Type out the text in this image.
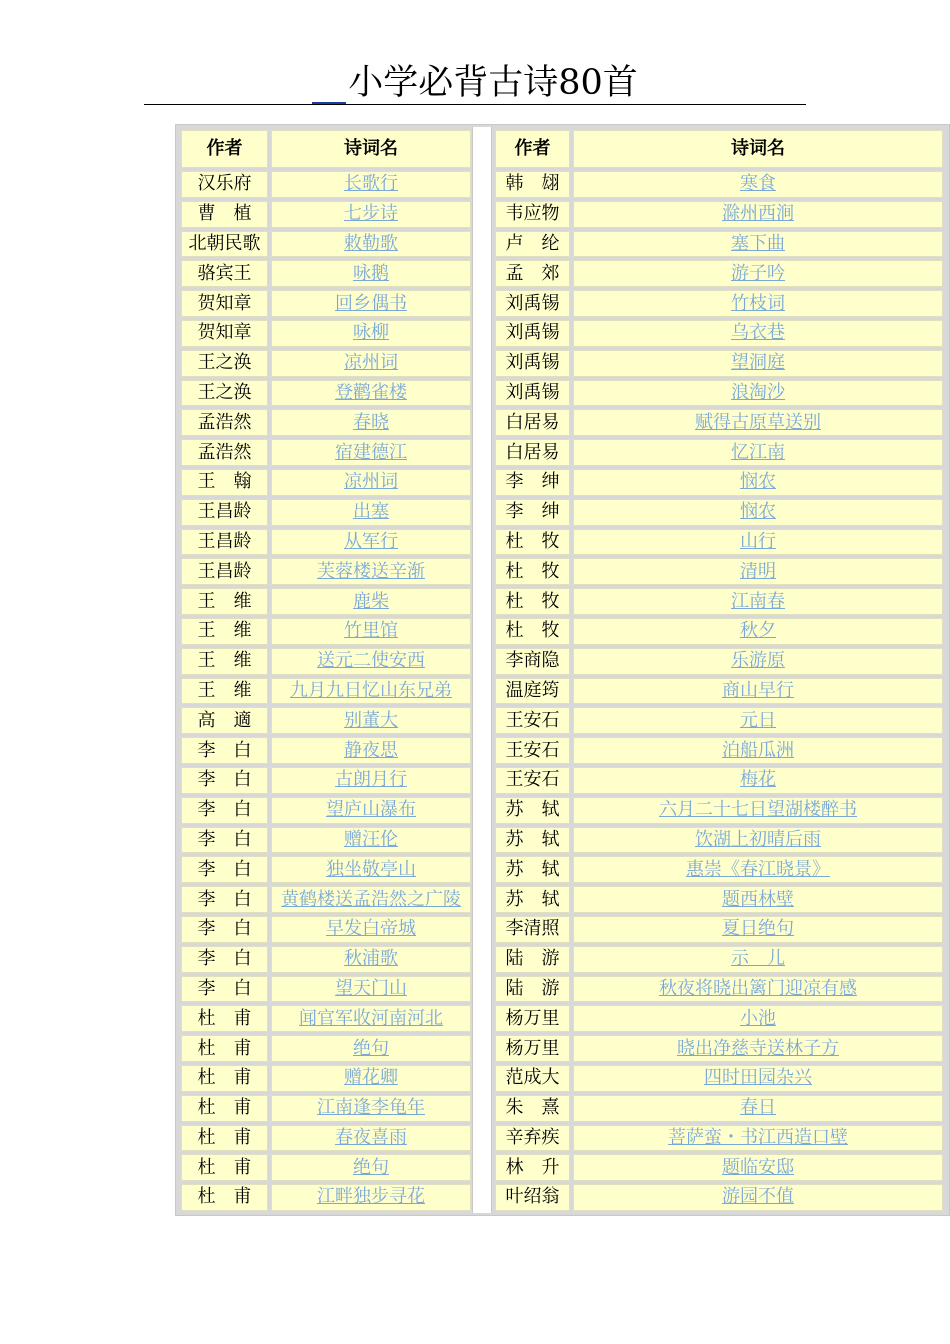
小学必背古诗80首
作者	诗词名
汉乐府	长歌行
曹　植	七步诗
北朝民歌	敕勒歌
骆宾王	咏鹅
贺知章	回乡偶书
贺知章	咏柳
王之涣	凉州词
王之涣	登鹳雀楼
孟浩然	春晓
孟浩然	宿建德江
王　翰	凉州词
王昌龄	出塞
王昌龄	从军行
王昌龄	芙蓉楼送辛渐
王　维	鹿柴
王　维	竹里馆
王　维	送元二使安西
王　维	九月九日忆山东兄弟
高　適	别董大
李　白	静夜思
李　白	古朗月行
李　白	望庐山瀑布
李　白	赠汪伦
李　白	独坐敬亭山
李　白	黄鹤楼送孟浩然之广陵
李　白	早发白帝城
李　白	秋浦歌
李　白	望天门山
杜　甫	闻官军收河南河北
杜　甫	绝句
杜　甫	赠花卿
杜　甫	江南逢李龟年
杜　甫	春夜喜雨
杜　甫	绝句
杜　甫	江畔独步寻花
作者	诗词名
韩　翃	寒食
韦应物	滁州西涧
卢　纶	塞下曲
孟　郊	游子吟
刘禹锡	竹枝词
刘禹锡	乌衣巷
刘禹锡	望洞庭
刘禹锡	浪淘沙
白居易	赋得古原草送别
白居易	忆江南
李　绅	悯农
李　绅	悯农
杜　牧	山行
杜　牧	清明
杜　牧	江南春
杜　牧	秋夕
李商隐	乐游原
温庭筠	商山早行
王安石	元日
王安石	泊船瓜洲
王安石	梅花
苏　轼	六月二十七日望湖楼醉书
苏　轼	饮湖上初晴后雨
苏　轼	惠崇《春江晓景》
苏　轼	题西林壁
李清照	夏日绝句
陆　游	示　儿
陆　游	秋夜将晓出篱门迎凉有感
杨万里	小池
杨万里	晓出净慈寺送林子方
范成大	四时田园杂兴
朱　熹	春日
辛弃疾	菩萨蛮・书江西造口壁
林　升	题临安邸
叶绍翁	游园不值
